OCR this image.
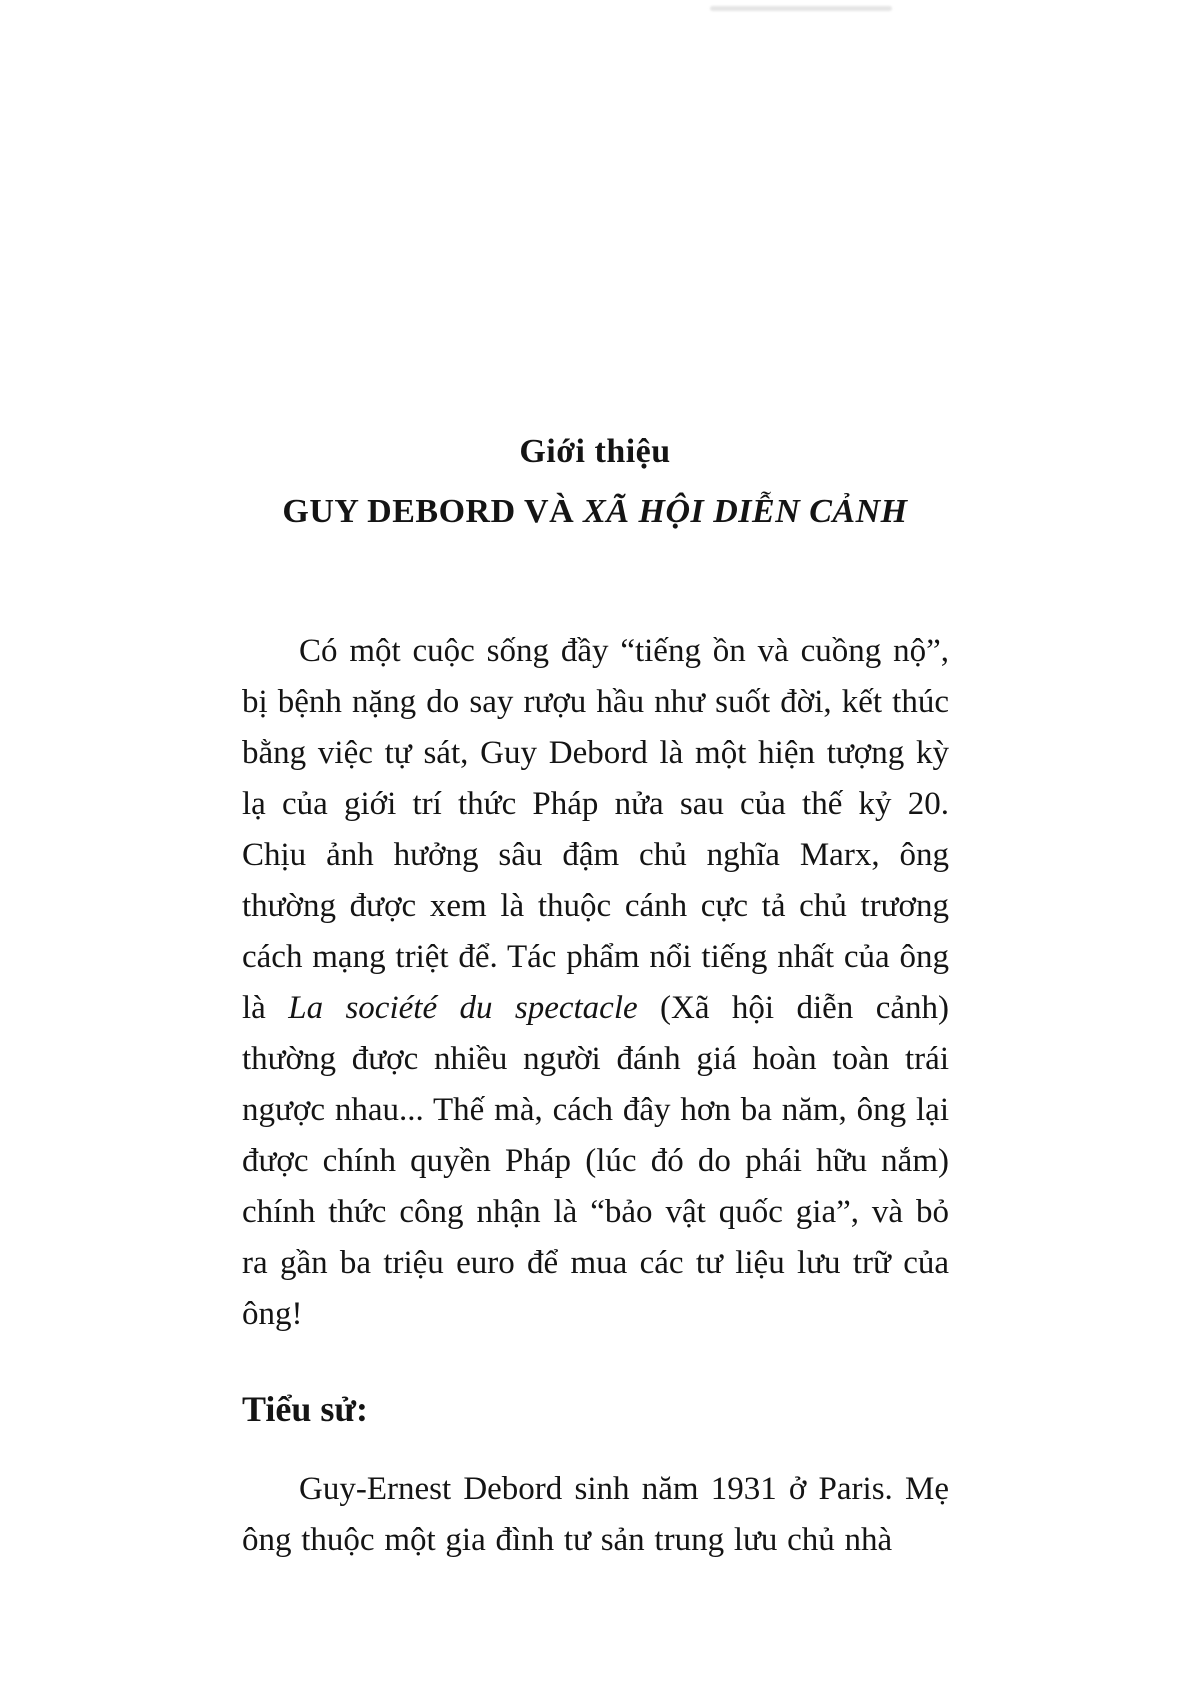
Giới thiệu
GUY DEBORD VÀ XÃ HỘI DIỄN CẢNH

Có một cuộc sống đầy “tiếng ồn và cuồng nộ”, bị bệnh nặng do say rượu hầu như suốt đời, kết thúc bằng việc tự sát, Guy Debord là một hiện tượng kỳ lạ của giới trí thức Pháp nửa sau của thế kỷ 20. Chịu ảnh hưởng sâu đậm chủ nghĩa Marx, ông thường được xem là thuộc cánh cực tả chủ trương cách mạng triệt để. Tác phẩm nổi tiếng nhất của ông là La société du spectacle (Xã hội diễn cảnh) thường được nhiều người đánh giá hoàn toàn trái ngược nhau... Thế mà, cách đây hơn ba năm, ông lại được chính quyền Pháp (lúc đó do phái hữu nắm) chính thức công nhận là “bảo vật quốc gia”, và bỏ ra gần ba triệu euro để mua các tư liệu lưu trữ của ông!

Tiểu sử:

Guy-Ernest Debord sinh năm 1931 ở Paris. Mẹ ông thuộc một gia đình tư sản trung lưu chủ nhà
